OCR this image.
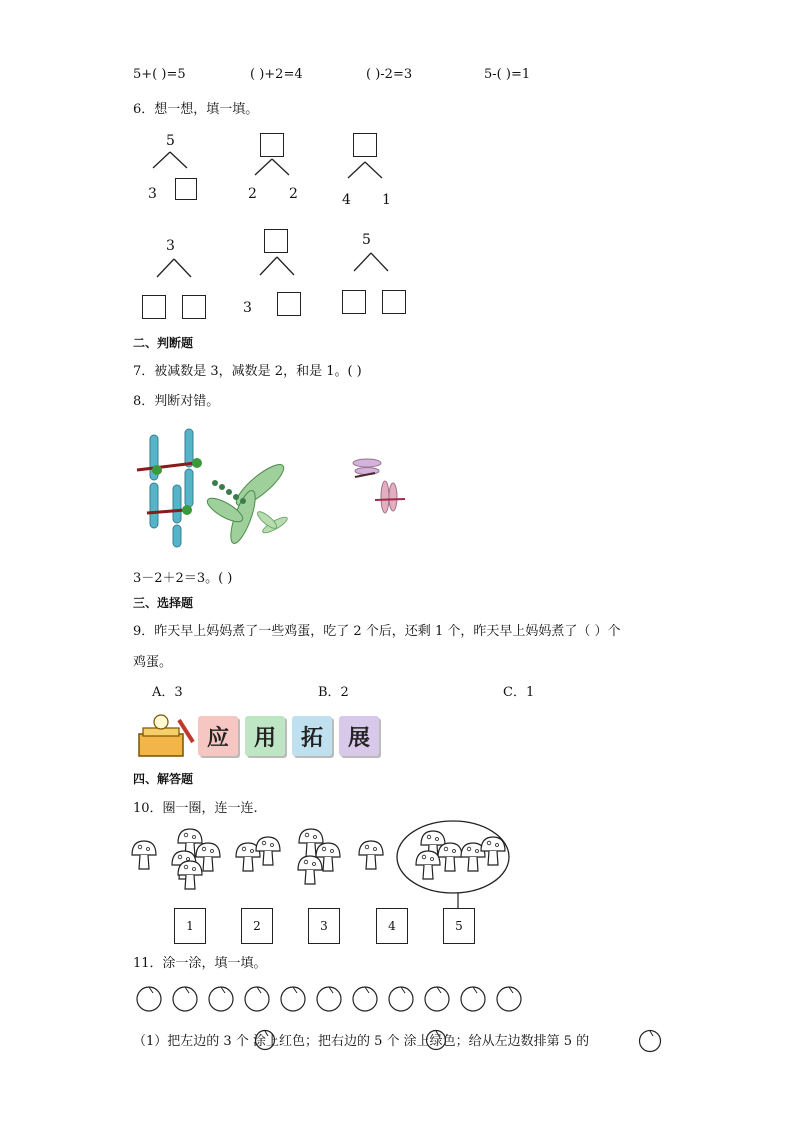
5+( )=5	( )+2=4	( )-2=3	5-( )=1
6．想一想，填一填。
5
3	2 2	4 1
3
3
5
二、判断题
7．被减数是 3，减数是 2，和是 1。( )
8．判断对错。
3－2＋2＝3。( )
三、选择题
9．昨天早上妈妈煮了一些鸡蛋，吃了 2 个后，还剩 1 个，昨天早上妈妈煮了（ ）个
鸡蛋。
A．3	B．2	C．1
应	用	拓	展
四、解答题
10．圈一圈，连一连.
1	2	3	4	5
11．涂一涂，填一填。
（1）把左边的 3 个 涂上红色；把右边的 5 个 涂上绿色；给从左边数排第 5 的
